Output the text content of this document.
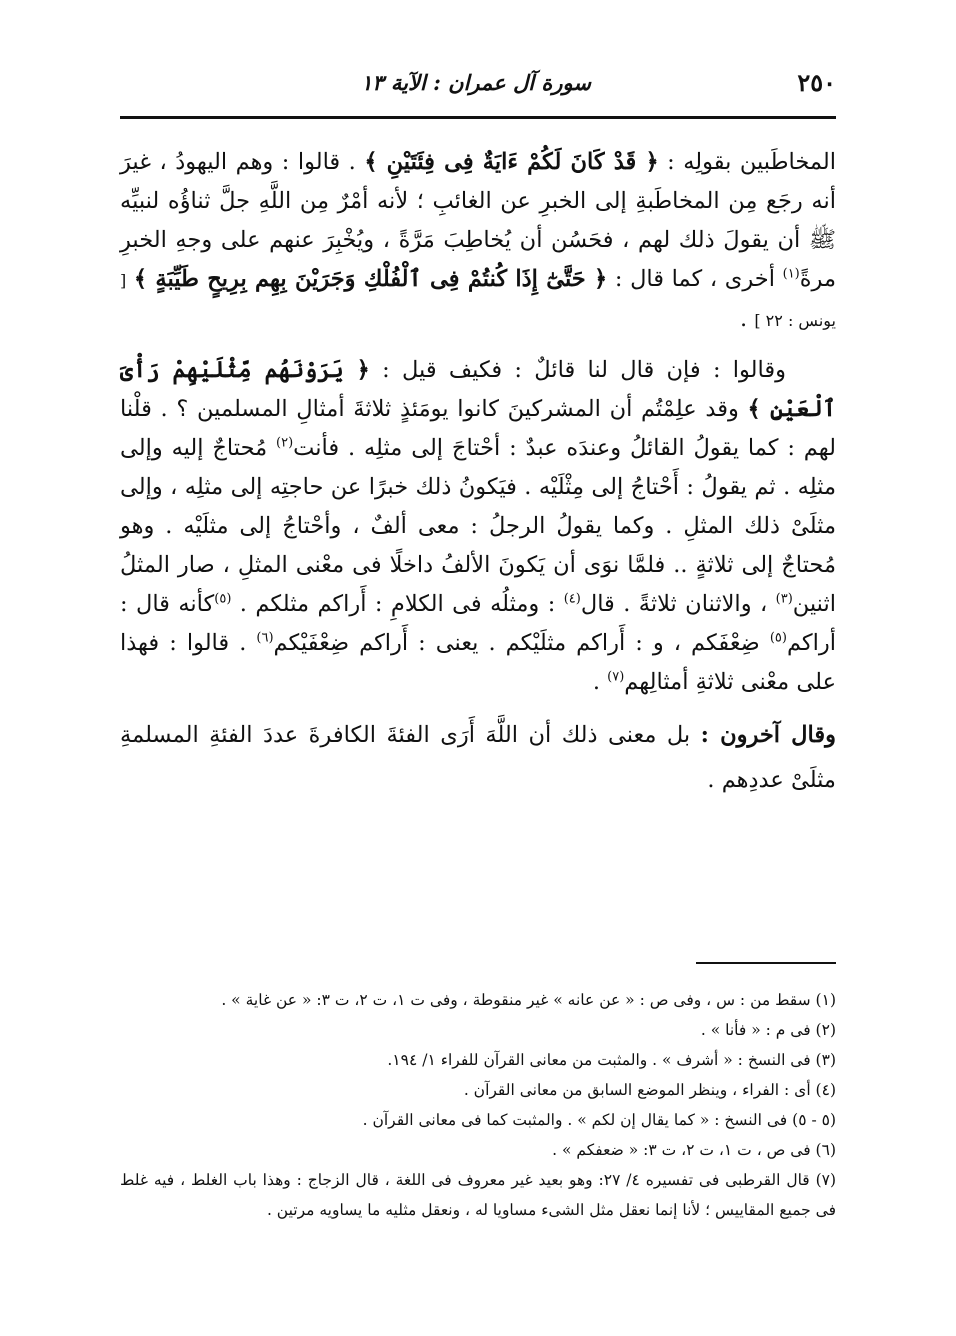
٢٥٠
سورة آل عمران : الآية ١٣

المخاطَبين بقولِه : ﴿ قَدْ كَانَ لَكُمْ ءَايَةٌ فِى فِئَتَيْنِ ﴾ . قالوا : وهم اليهودُ ، غيرَ أنه رجَع مِن المخاطَبةِ إلى الخبرِ عن الغائبِ ؛ لأنه أمْرٌ مِن اللَّهِ جلَّ ثناؤُه لنبيِّه ﷺ أن يقولَ ذلك لهم ، فحَسُن أن يُخاطِبَ مَرَّةً ، ويُخْبِرَ عنهم على وجهِ الخبرِ مرةً$^{(١)}$ أخرى ، كما قال : ﴿ حَتَّىٰٓ إِذَا كُنتُمْ فِى ٱلْفُلْكِ وَجَرَيْنَ بِهِم بِرِيحٍ طَيِّبَةٍ ﴾ [ يونس : ٢٢ ] .

وقالوا : فإن قال لنا قائلٌ : فكيف قيل : ﴿ يَرَوْنَهُم مِّثْلَيْهِمْ رَأْىَ ٱلْعَيْنِ ﴾ وقد علِمْتُم أن المشركينَ كانوا يومَئذٍ ثلاثةَ أمثالِ المسلمين ؟ . قلْنا لهم : كما يقولُ القائلُ وعندَه عبدٌ : أحْتاجَ إلى مثلِه . فأنت$^{(٢)}$ مُحتاجٌ إليه وإلى مثلِه . ثم يقولُ : أَحْتاجُ إلى مِثْلَيْه . فيَكونُ ذلك خبرًا عن حاجتِه إلى مثلِه ، وإلى مثلَىْ ذلك المثلِ . وكما يقولُ الرجلُ : معى ألفٌ ، وأحْتاجُ إلى مثلَيْه . وهو مُحتاجٌ إلى ثلاثةٍ .. فلمَّا نوَى أن يَكونَ الألفُ داخلًا فى معْنى المثلِ ، صار المثلُ اثنين$^{(٣)}$ ، والاثنان ثلاثةً . قال$^{(٤)}$ : ومثلُه فى الكلامِ : أَراكم مثلكم . $^{(٥)}$كأنه قال : أراكم$^{(٥)}$ ضِعْفَكم ، و : أَراكم مثلَيْكم . يعنى : أَراكم ضِعْفَيْكم$^{(٦)}$ . قالوا : فهذا على معْنى ثلاثةِ أمثالِهم$^{(٧)}$ .

وقال آخرون : بل معنى ذلك أن اللَّهَ أَرَى الفئةَ الكافرةَ عددَ الفئةِ المسلمةِ مثلَىْ عددِهم .

(١) سقط من : س ، وفى ص : « عن عانه » غير منقوطة ، وفى ت ١، ت ٢، ت ٣: « عن غاية » .

(٢) فى م : « فأنا » .

(٣) فى النسخ : « أشرف » . والمثبت من معانى القرآن للفراء ١/ ١٩٤.

(٤) أى : الفراء ، وينظر الموضع السابق من معانى القرآن .

(٥ - ٥) فى النسخ : « كما يقال إن لكم » . والمثبت كما فى معانى القرآن .

(٦) فى ص ، ت ١، ت ٢، ت ٣: « ضعفكم » .

(٧) قال القرطبى فى تفسيره ٤/ ٢٧: وهو بعيد غير معروف فى اللغة ، قال الزجاج : وهذا باب الغلط ، فيه غلط فى جميع المقاييس ؛ لأنا إنما نعقل مثل الشىء مساويا له ، ونعقل مثليه ما يساويه مرتين .
